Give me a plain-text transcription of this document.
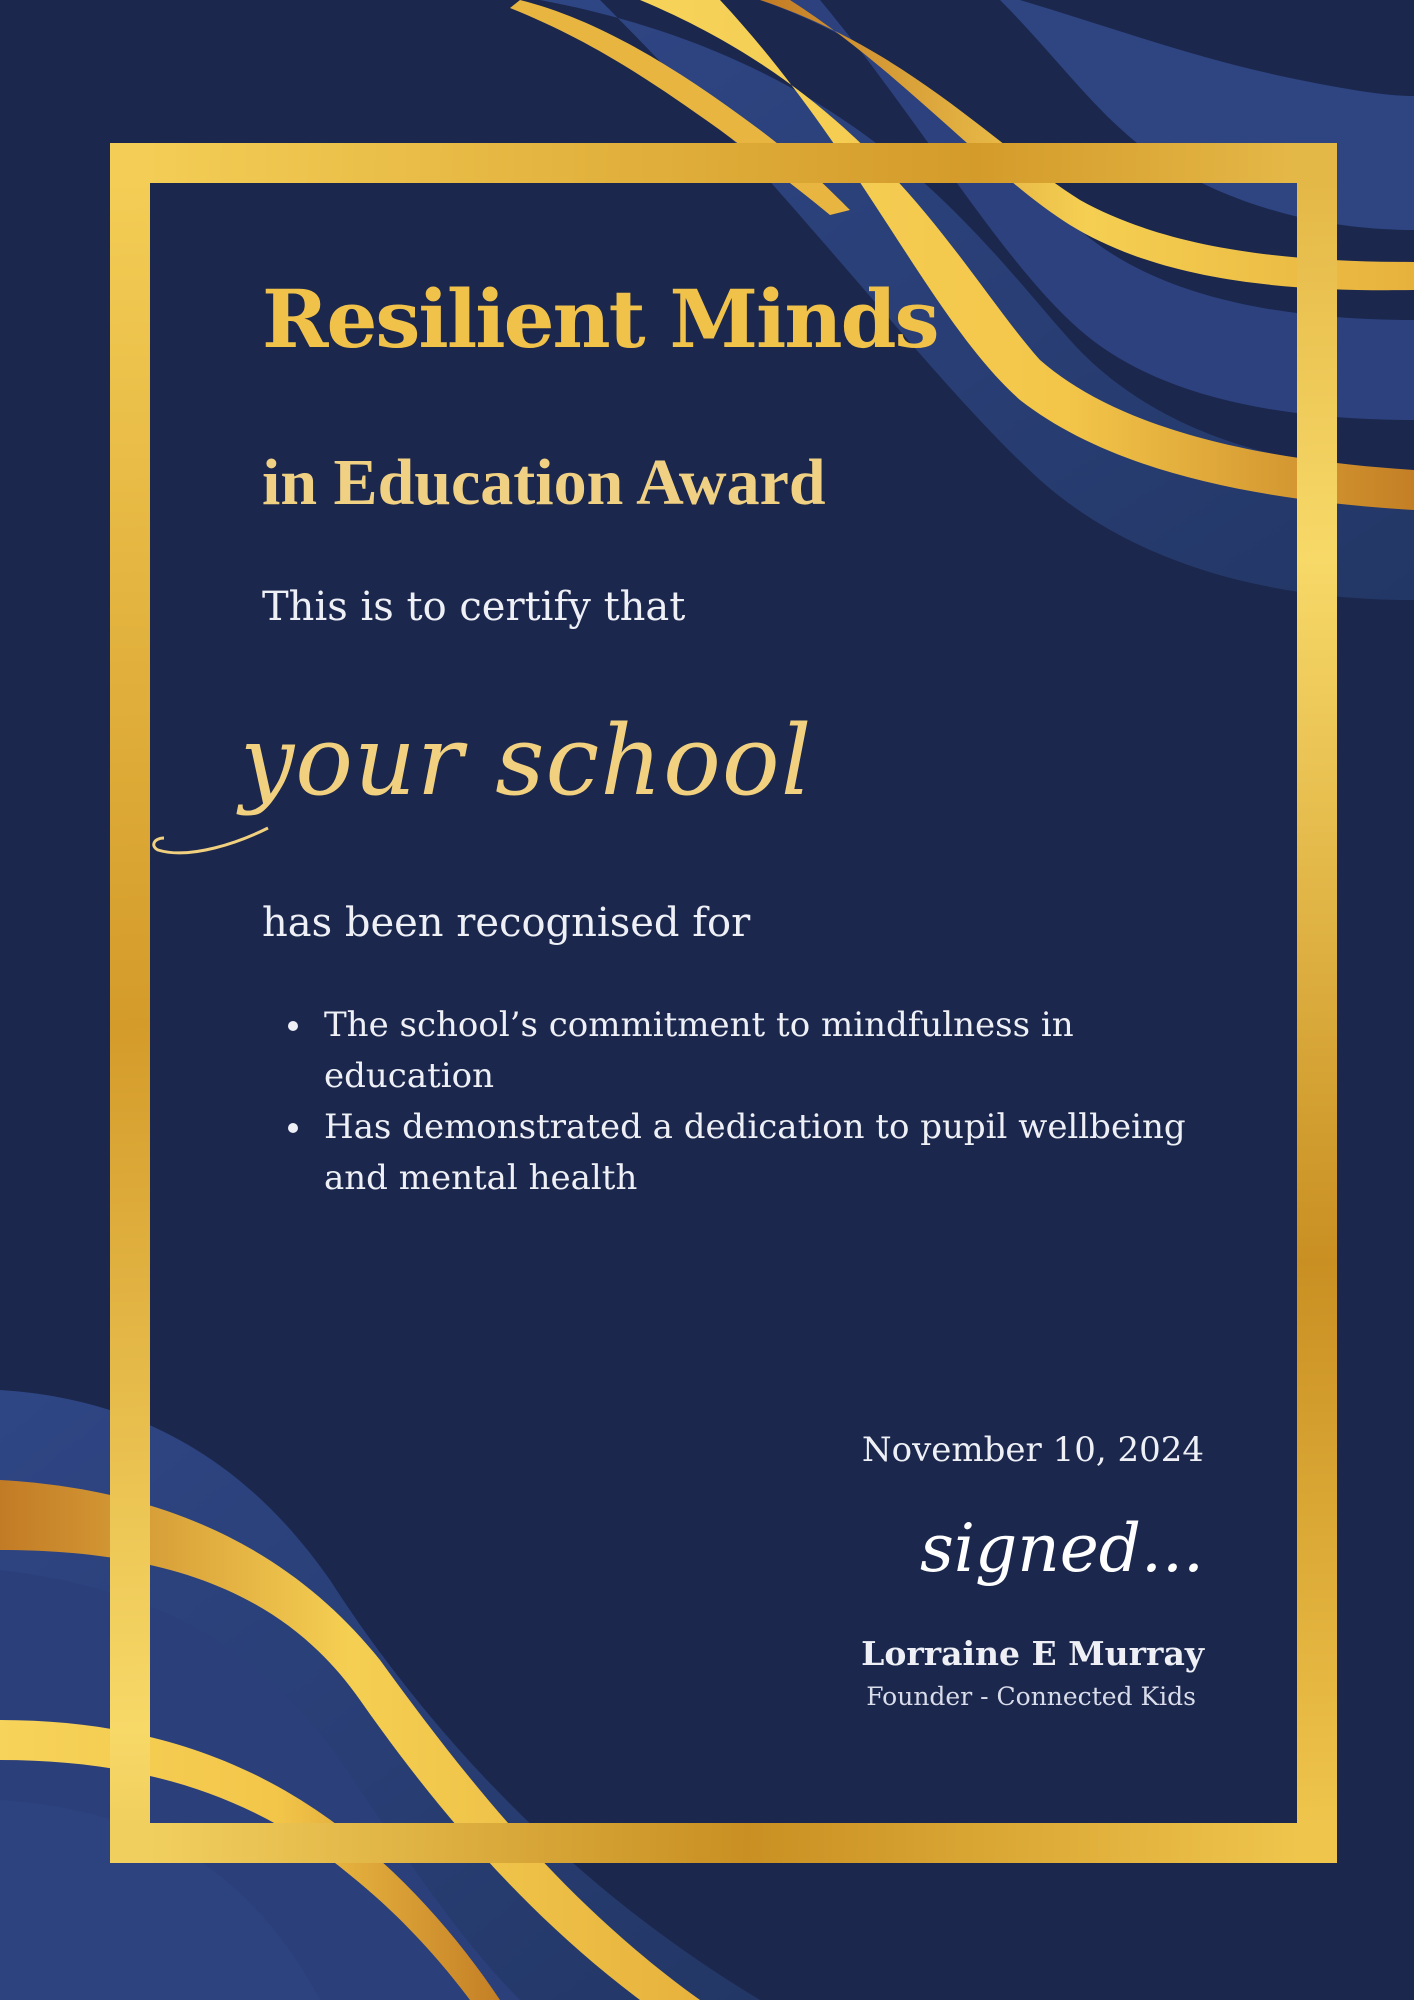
Resilient Minds
in Education Award

This is to certify that

your school

has been recognised for

The school’s commitment to mindfulness in education
Has demonstrated a dedication to pupil wellbeing and mental health

November 10, 2024

signed...

Lorraine E Murray

Founder - Connected Kids
